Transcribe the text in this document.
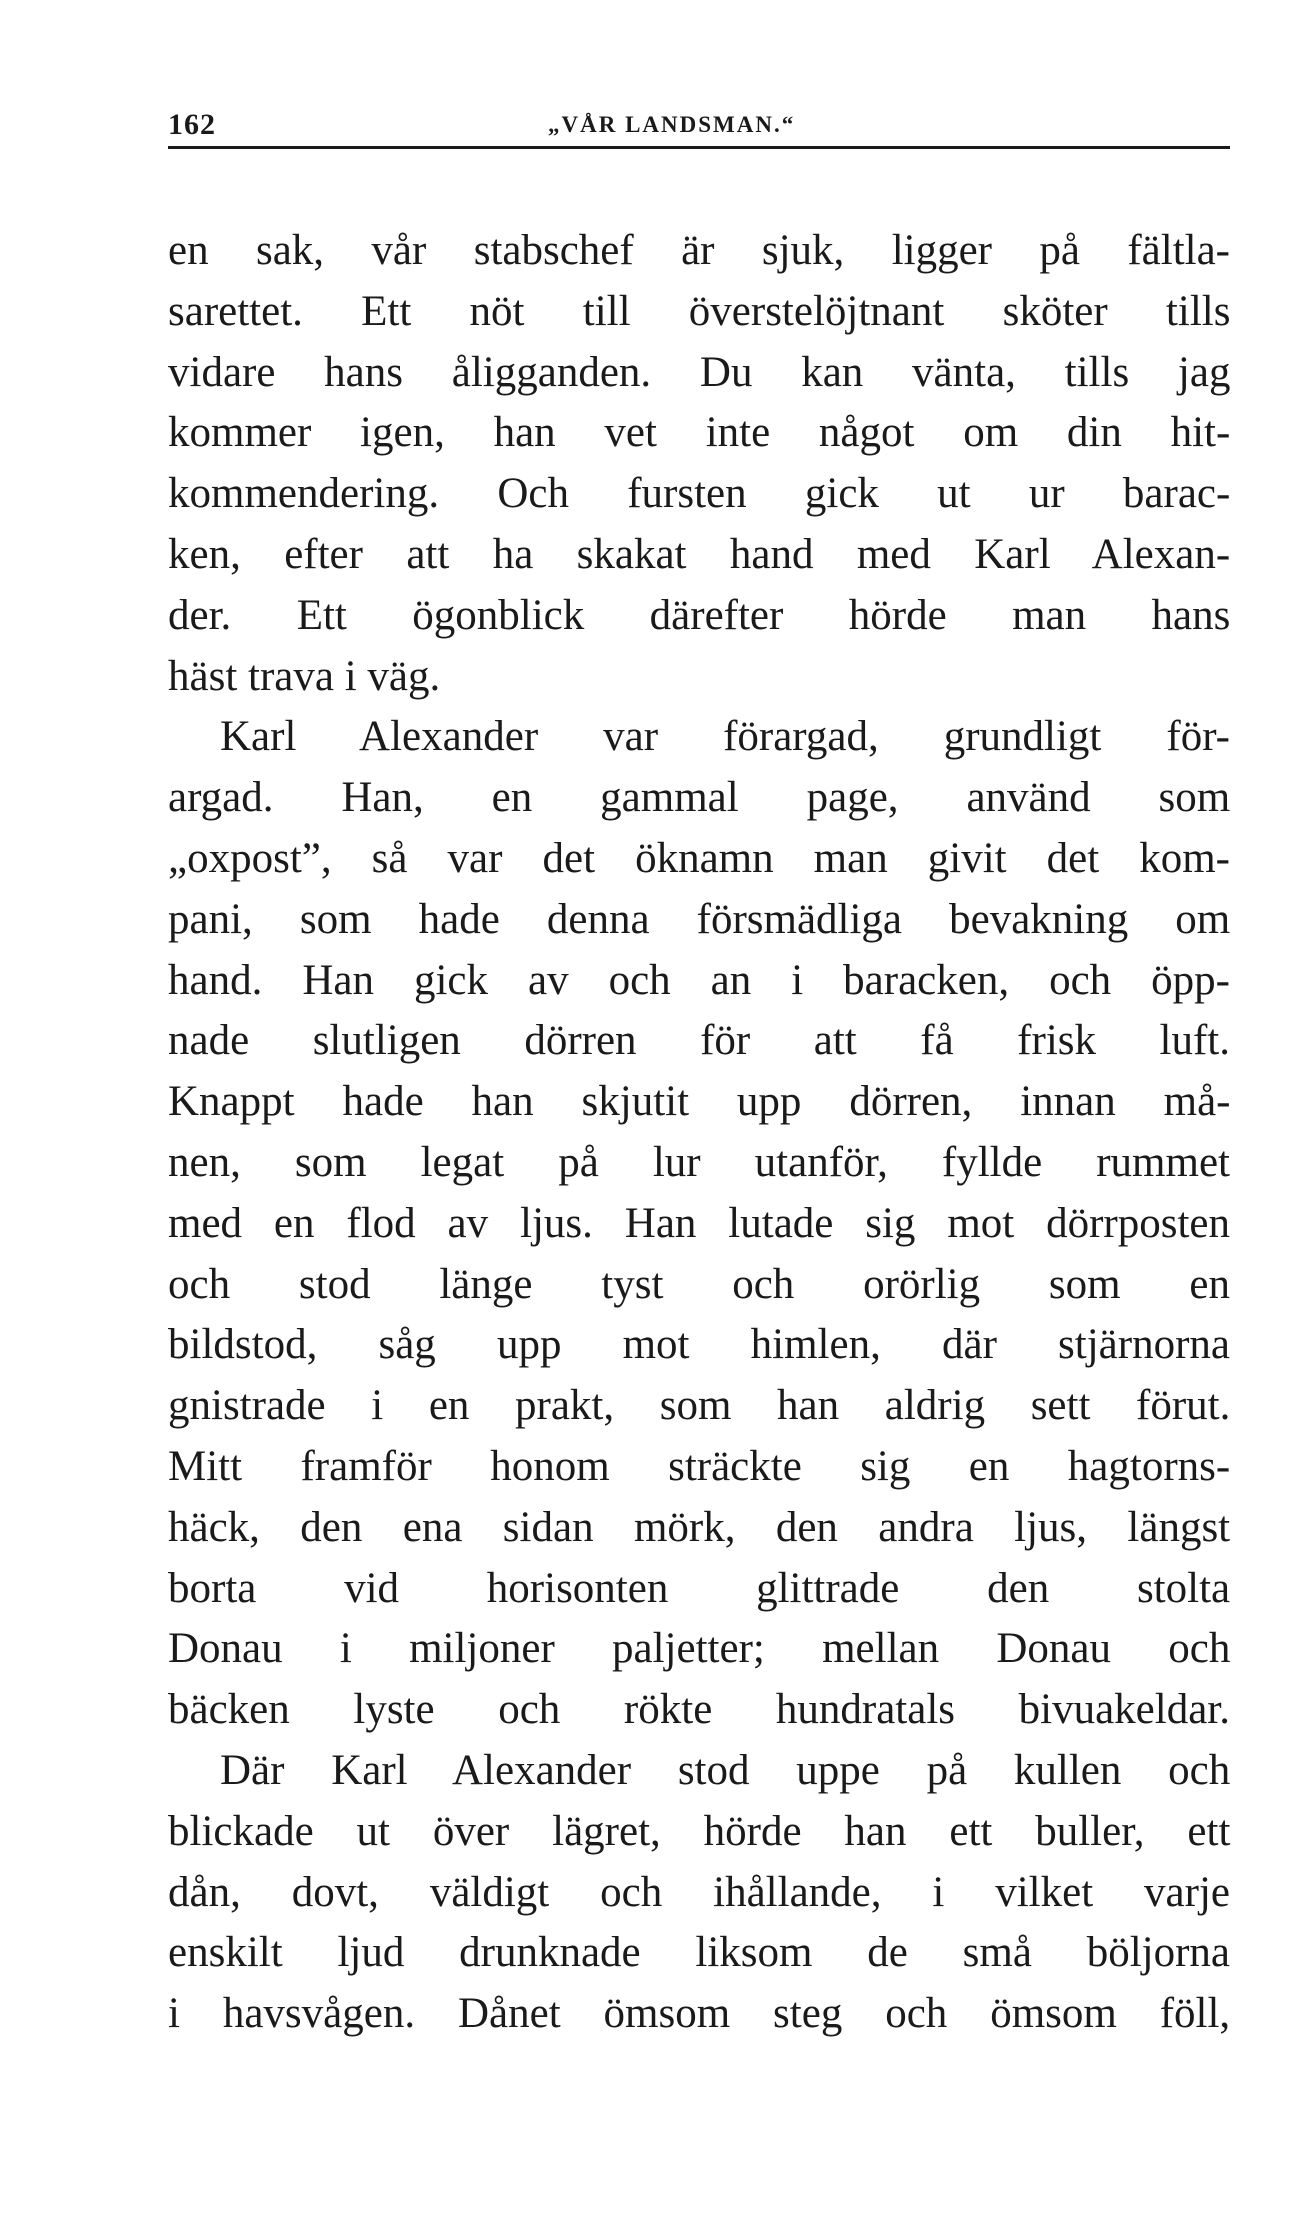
162	„VÅR LANDSMAN.“

en sak, vår stabschef är sjuk, ligger på fältla-
sarettet. Ett nöt till överstelöjtnant sköter tills
vidare hans åligganden. Du kan vänta, tills jag
kommer igen, han vet inte något om din hit-
kommendering. Och fursten gick ut ur barac-
ken, efter att ha skakat hand med Karl Alexan-
der. Ett ögonblick därefter hörde man hans
häst trava i väg.

Karl Alexander var förargad, grundligt för-
argad. Han, en gammal page, använd som
„oxpost”, så var det öknamn man givit det kom-
pani, som hade denna försmädliga bevakning om
hand. Han gick av och an i baracken, och öpp-
nade slutligen dörren för att få frisk luft.
Knappt hade han skjutit upp dörren, innan må-
nen, som legat på lur utanför, fyllde rummet
med en flod av ljus. Han lutade sig mot dörrposten
och stod länge tyst och orörlig som en
bildstod, såg upp mot himlen, där stjärnorna
gnistrade i en prakt, som han aldrig sett förut.
Mitt framför honom sträckte sig en hagtorns-
häck, den ena sidan mörk, den andra ljus, längst
borta vid horisonten glittrade den stolta
Donau i miljoner paljetter; mellan Donau och
bäcken lyste och rökte hundratals bivuakeldar.

Där Karl Alexander stod uppe på kullen och
blickade ut över lägret, hörde han ett buller, ett
dån, dovt, väldigt och ihållande, i vilket varje
enskilt ljud drunknade liksom de små böljorna
i havsvågen. Dånet ömsom steg och ömsom föll,
